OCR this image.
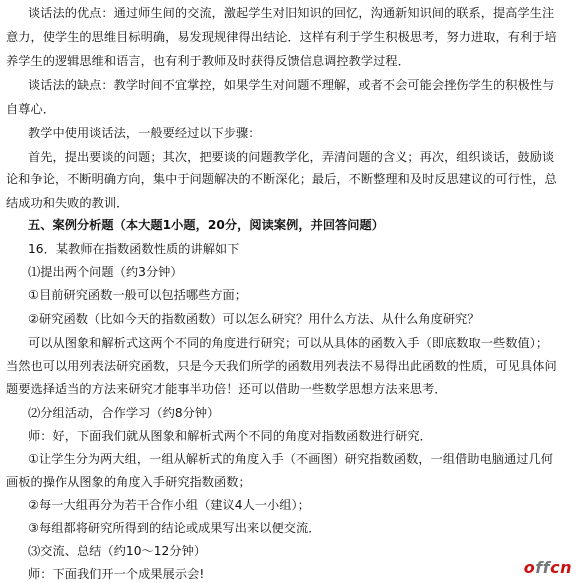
谈话法的优点：通过师生间的交流，激起学生对旧知识的回忆，沟通新知识间的联系，提高学生注
意力，使学生的思维目标明确，易发现规律得出结论．这样有利于学生积极思考，努力进取，有利于培
养学生的逻辑思维和语言，也有利于教师及时获得反馈信息调控教学过程．
谈话法的缺点：教学时间不宜掌控，如果学生对问题不理解，或者不会可能会挫伤学生的积极性与
自尊心．
教学中使用谈话法，一般要经过以下步骤：
首先，提出要谈的问题；其次，把要谈的问题教学化，弄清问题的含义；再次，组织谈话，鼓励谈
论和争论，不断明确方向，集中于问题解决的不断深化；最后，不断整理和及时反思建议的可行性，总
结成功和失败的教训．
五、案例分析题（本大题1小题，20分，阅读案例，并回答问题）
16．某教师在指数函数性质的讲解如下
⑴提出两个问题（约3分钟）
①目前研究函数一般可以包括哪些方面；
②研究函数（比如今天的指数函数）可以怎么研究？用什么方法、从什么角度研究？
可以从图象和解析式这两个不同的角度进行研究；可以从具体的函数入手（即底数取一些数值）；
当然也可以用列表法研究函数，只是今天我们所学的函数用列表法不易得出此函数的性质，可见具体问
题要选择适当的方法来研究才能事半功倍！还可以借助一些数学思想方法来思考．
⑵分组活动，合作学习（约8分钟）
师：好，下面我们就从图象和解析式两个不同的角度对指数函数进行研究．
①让学生分为两大组，一组从解析式的角度入手（不画图）研究指数函数，一组借助电脑通过几何
画板的操作从图象的角度入手研究指数函数；
②每一大组再分为若干合作小组（建议4人一小组）；
③每组都将研究所得到的结论或成果写出来以便交流．
⑶交流、总结（约10～12分钟）
师：下面我们开一个成果展示会!	offcn
